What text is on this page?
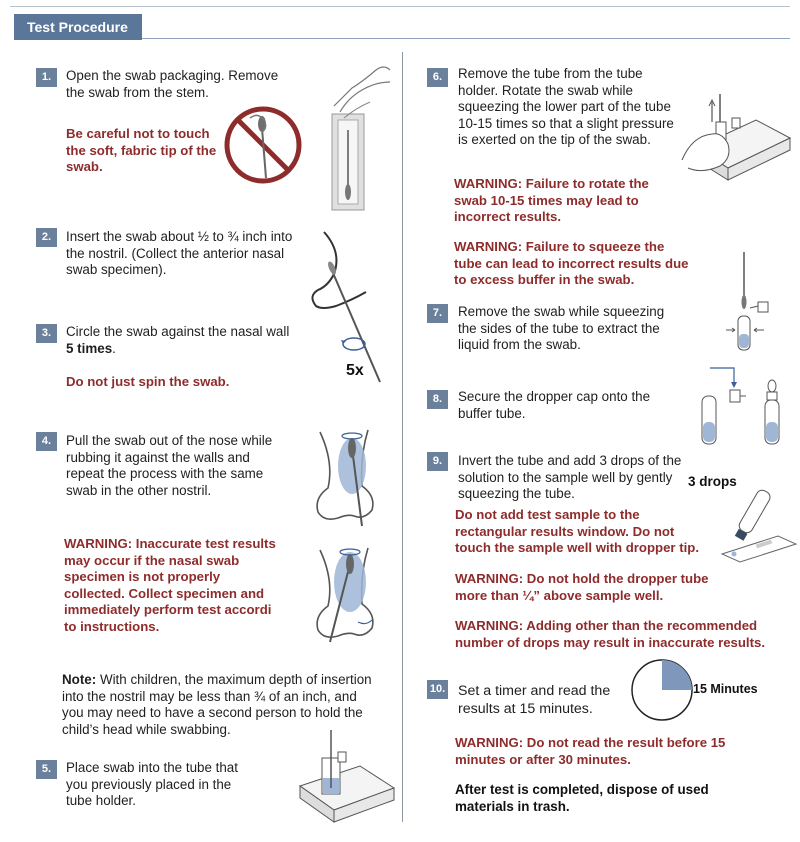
Test Procedure
1.	Open the swab packaging. Remove the swab from the stem.
Be careful not to touch the soft, fabric tip of the swab.
2.	Insert the swab about ½ to ¾ inch into the nostril. (Collect the anterior nasal swab specimen).
3.	Circle the swab against the nasal wall
5 times.
Do not just spin the swab.
5x
4.	Pull the swab out of the nose while rubbing it against the walls and repeat the process with the same swab in the other nostril.
WARNING: Inaccurate test results may occur if the nasal swab specimen is not properly collected. Collect specimen and immediately perform test accordi to instructions.
Note: With children, the maximum depth of insertion into the nostril may be less than ¾ of an inch, and you may need to have a second person to hold the child’s head while swabbing.
5.	Place swab into the tube that you previously placed in the tube holder.
6.	Remove the tube from the tube holder. Rotate the swab while squeezing the lower part of the tube 10-15 times so that a slight pressure is exerted on the tip of the swab.
WARNING: Failure to rotate the swab 10-15 times may lead to incorrect results.
WARNING: Failure to squeeze the tube can lead to incorrect results due to excess buffer in the swab.
7.	Remove the swab while squeezing the sides of the tube to extract the liquid from the swab.
8.	Secure the dropper cap onto the buffer tube.
9.	Invert the tube and add 3 drops of the solution to the sample well by gently squeezing the tube.
3 drops
Do not add test sample to the rectangular results window. Do not touch the sample well with dropper tip.
WARNING: Do not hold the dropper tube more than ¼” above sample well.
WARNING: Adding other than the recommended number of drops may result in inaccurate results.
10. Set a timer and read the results at 15 minutes.
15 Minutes
WARNING: Do not read the result before 15 minutes or after 30 minutes.
After test is completed, dispose of used materials in trash.
